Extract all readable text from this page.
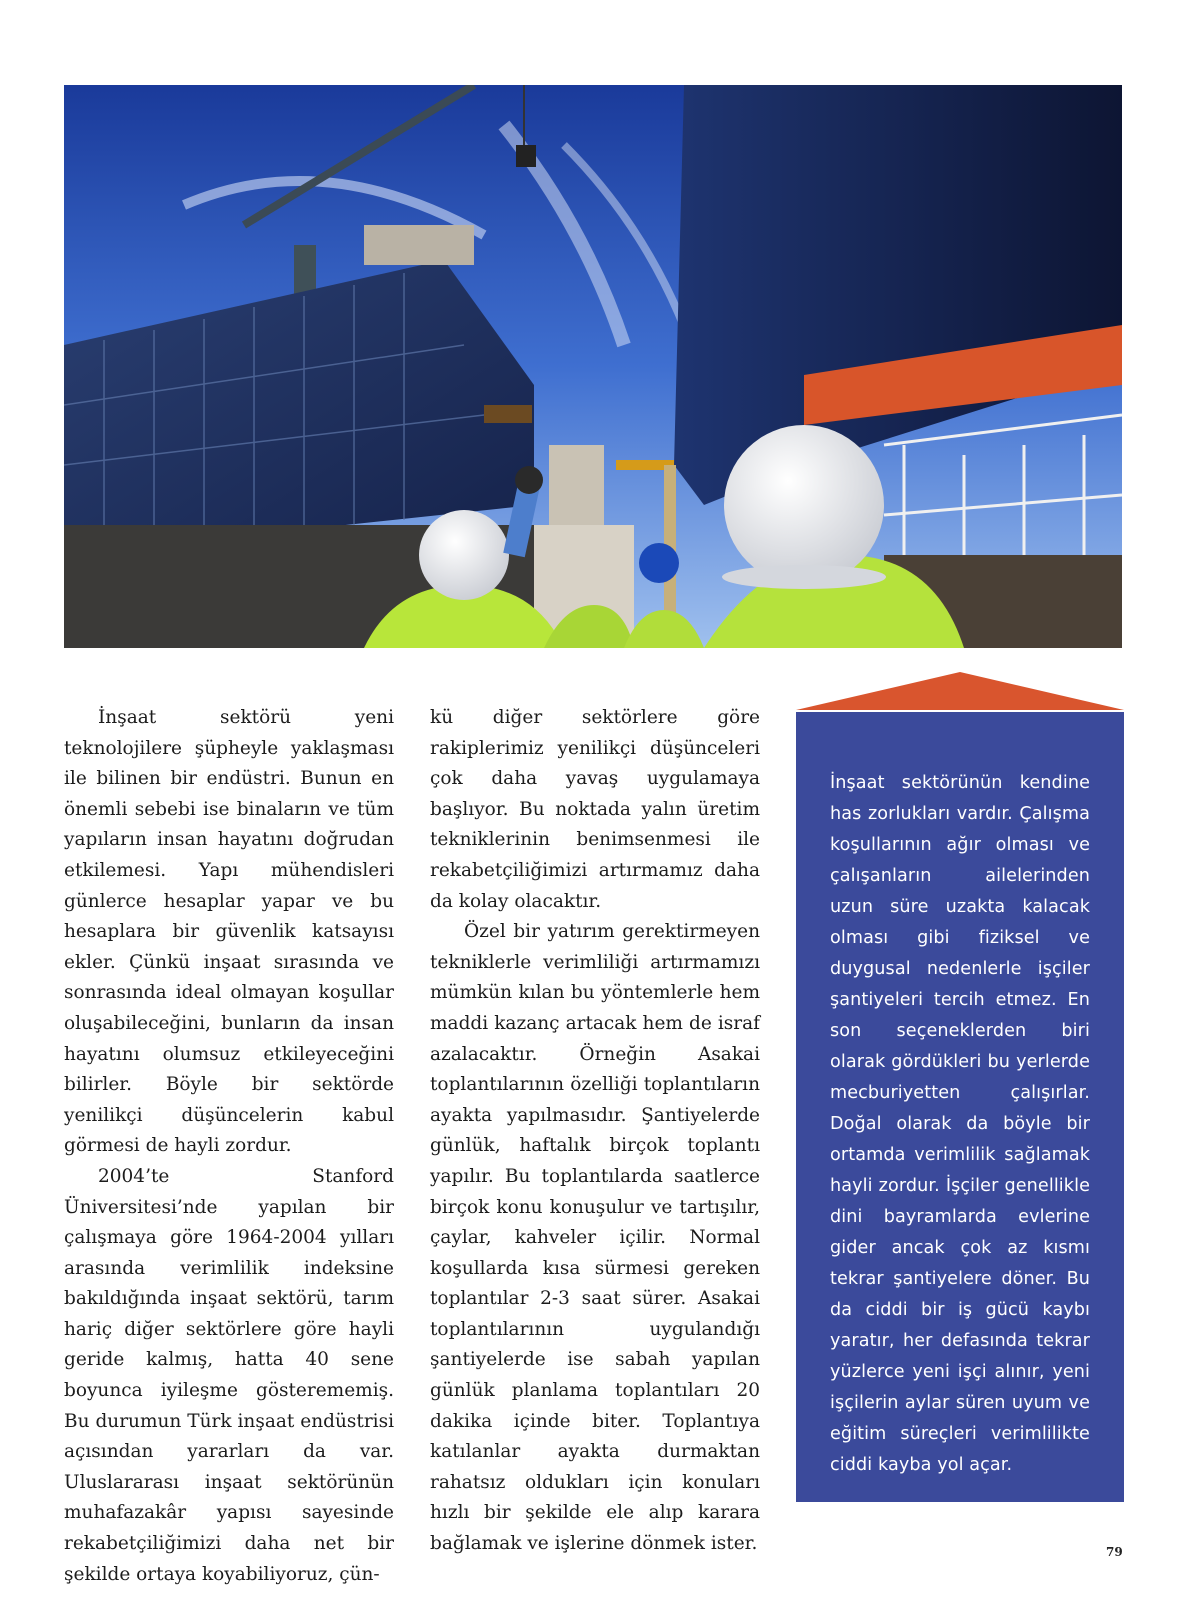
İnşaat sektörü yeni teknolojilere şüpheyle yaklaşması ile bilinen bir endüstri. Bunun en önemli sebebi ise binaların ve tüm yapıların insan hayatını doğrudan etkilemesi. Yapı mühendisleri günlerce hesaplar yapar ve bu hesaplara bir güvenlik katsayısı ekler. Çünkü inşaat sırasında ve sonrasında ideal olmayan koşullar oluşabileceğini, bunların da insan hayatını olumsuz etkileyeceğini bilirler. Böyle bir sektörde yenilikçi düşüncelerin kabul görmesi de hayli zordur.

2004’te Stanford Üniversitesi’nde yapılan bir çalışmaya göre 1964-2004 yılları arasında verimlilik indeksine bakıldığında inşaat sektörü, tarım hariç diğer sektörlere göre hayli geride kalmış, hatta 40 sene boyunca iyileşme gösterememiş. Bu durumun Türk inşaat endüstrisi açısından yararları da var. Uluslararası inşaat sektörünün muhafazakâr yapısı sayesinde rekabetçiliğimizi daha net bir şekilde ortaya koyabiliyoruz, çün-

kü diğer sektörlere göre rakiplerimiz yenilikçi düşünceleri çok daha yavaş uygulamaya başlıyor. Bu noktada yalın üretim tekniklerinin benimsenmesi ile rekabetçiliğimizi artırmamız daha da kolay olacaktır.

Özel bir yatırım gerektirmeyen tekniklerle verimliliği artırmamızı mümkün kılan bu yöntemlerle hem maddi kazanç artacak hem de israf azalacaktır. Örneğin Asakai toplantılarının özelliği toplantıların ayakta yapılmasıdır. Şantiyelerde günlük, haftalık birçok toplantı yapılır. Bu toplantılarda saatlerce birçok konu konuşulur ve tartışılır, çaylar, kahveler içilir. Normal koşullarda kısa sürmesi gereken toplantılar 2-3 saat sürer. Asakai toplantılarının uygulandığı şantiyelerde ise sabah yapılan günlük planlama toplantıları 20 dakika içinde biter. Toplantıya katılanlar ayakta durmaktan rahatsız oldukları için konuları hızlı bir şekilde ele alıp karara bağlamak ve işlerine dönmek ister.

İnşaat sektörünün kendine has zorlukları vardır. Çalışma koşullarının ağır olması ve çalışanların ailelerinden uzun süre uzakta kalacak olması gibi fiziksel ve duygusal nedenlerle işçiler şantiyeleri tercih etmez. En son seçeneklerden biri olarak gördükleri bu yerlerde mecburiyetten çalışırlar. Doğal olarak da böyle bir ortamda verimlilik sağlamak hayli zordur. İşçiler genellikle dini bayramlarda evlerine gider ancak çok az kısmı tekrar şantiyelere döner. Bu da ciddi bir iş gücü kaybı yaratır, her defasında tekrar yüzlerce yeni işçi alınır, yeni işçilerin aylar süren uyum ve eğitim süreçleri verimlilikte ciddi kayba yol açar.

79
